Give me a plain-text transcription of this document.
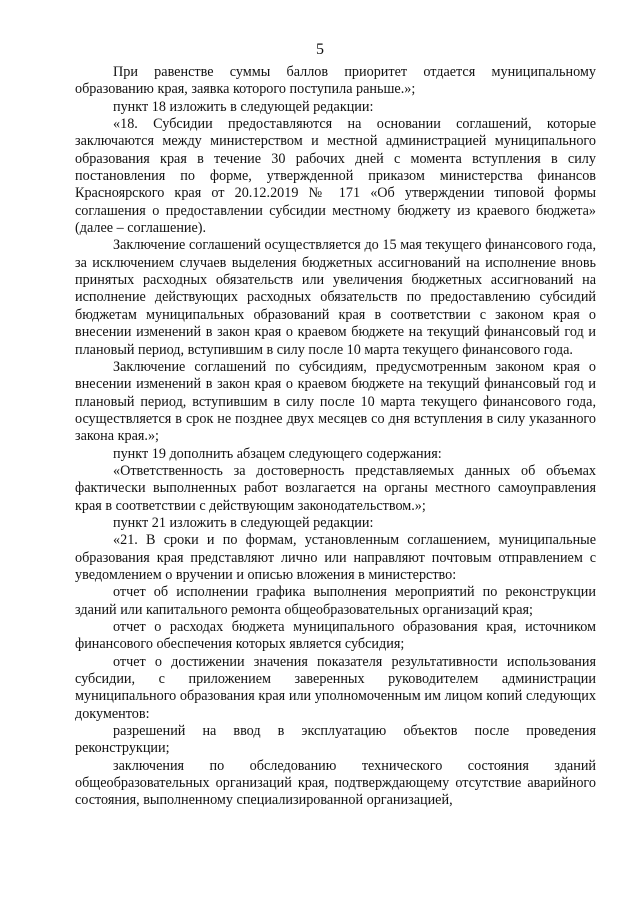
5

При равенстве суммы баллов приоритет отдается муниципальному образованию края, заявка которого поступила раньше.»;

пункт 18 изложить в следующей редакции:

«18. Субсидии предоставляются на основании соглашений, которые заключаются между министерством и местной администрацией муниципального образования края в течение 30 рабочих дней с момента вступления в силу постановления по форме, утвержденной приказом министерства финансов Красноярского края от 20.12.2019 № 171 «Об утверждении типовой формы соглашения о предоставлении субсидии местному бюджету из краевого бюджета» (далее – соглашение).

Заключение соглашений осуществляется до 15 мая текущего финансового года, за исключением случаев выделения бюджетных ассигнований на исполнение вновь принятых расходных обязательств или увеличения бюджетных ассигнований на исполнение действующих расходных обязательств по предоставлению субсидий бюджетам муниципальных образований края в соответствии с законом края о внесении изменений в закон края о краевом бюджете на текущий финансовый год и плановый период, вступившим в силу после 10 марта текущего финансового года.

Заключение соглашений по субсидиям, предусмотренным законом края о внесении изменений в закон края о краевом бюджете на текущий финансовый год и плановый период, вступившим в силу после 10 марта текущего финансового года, осуществляется в срок не позднее двух месяцев со дня вступления в силу указанного закона края.»;

пункт 19 дополнить абзацем следующего содержания:

«Ответственность за достоверность представляемых данных об объемах фактически выполненных работ возлагается на органы местного самоуправления края в соответствии с действующим законодательством.»;

пункт 21 изложить в следующей редакции:

«21. В сроки и по формам, установленным соглашением, муниципальные образования края представляют лично или направляют почтовым отправлением с уведомлением о вручении и описью вложения в министерство:

отчет об исполнении графика выполнения мероприятий по реконструкции зданий или капитального ремонта общеобразовательных организаций края;

отчет о расходах бюджета муниципального образования края, источником финансового обеспечения которых является субсидия;

отчет о достижении значения показателя результативности использования субсидии, с приложением заверенных руководителем администрации муниципального образования края или уполномоченным им лицом копий следующих документов:

разрешений на ввод в эксплуатацию объектов после проведения реконструкции;

заключения по обследованию технического состояния зданий общеобразовательных организаций края, подтверждающему отсутствие аварийного состояния, выполненному специализированной организацией,
